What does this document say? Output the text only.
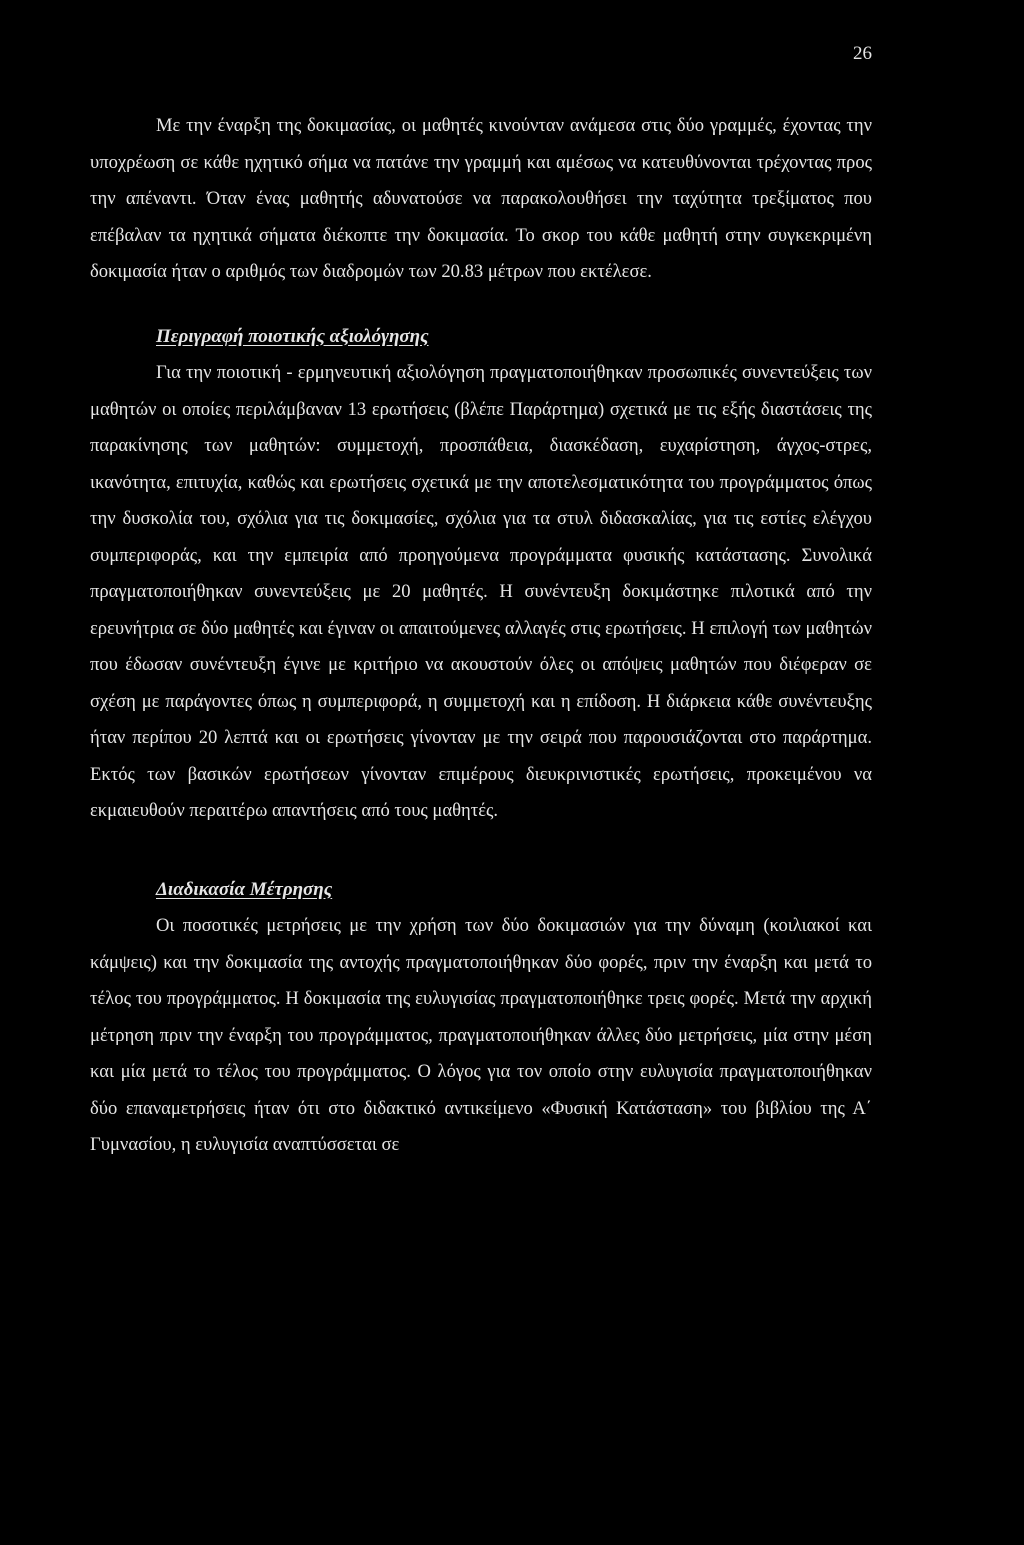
26

Με την έναρξη της δοκιμασίας, οι μαθητές κινούνταν ανάμεσα στις δύο γραμμές, έχοντας την υποχρέωση σε κάθε ηχητικό σήμα να πατάνε την γραμμή και αμέσως να κατευθύνονται τρέχοντας προς την απέναντι. Όταν ένας μαθητής αδυνατούσε να παρακολουθήσει την ταχύτητα τρεξίματος που επέβαλαν τα ηχητικά σήματα διέκοπτε την δοκιμασία. Το σκορ του κάθε μαθητή στην συγκεκριμένη δοκιμασία ήταν ο αριθμός των διαδρομών των 20.83 μέτρων που εκτέλεσε.

Περιγραφή ποιοτικής αξιολόγησης

Για την ποιοτική - ερμηνευτική αξιολόγηση πραγματοποιήθηκαν προσωπικές συνεντεύξεις των μαθητών οι οποίες περιλάμβαναν 13 ερωτήσεις (βλέπε Παράρτημα) σχετικά με τις εξής διαστάσεις της παρακίνησης των μαθητών: συμμετοχή, προσπάθεια, διασκέδαση, ευχαρίστηση, άγχος-στρες, ικανότητα, επιτυχία, καθώς και ερωτήσεις σχετικά με την αποτελεσματικότητα του προγράμματος όπως την δυσκολία του, σχόλια για τις δοκιμασίες, σχόλια για τα στυλ διδασκαλίας, για τις εστίες ελέγχου συμπεριφοράς, και την εμπειρία από προηγούμενα προγράμματα φυσικής κατάστασης. Συνολικά πραγματοποιήθηκαν συνεντεύξεις με 20 μαθητές. Η συνέντευξη δοκιμάστηκε πιλοτικά από την ερευνήτρια σε δύο μαθητές και έγιναν οι απαιτούμενες αλλαγές στις ερωτήσεις. Η επιλογή των μαθητών που έδωσαν συνέντευξη έγινε με κριτήριο να ακουστούν όλες οι απόψεις μαθητών που διέφεραν σε σχέση με παράγοντες όπως η συμπεριφορά, η συμμετοχή και η επίδοση. Η διάρκεια κάθε συνέντευξης ήταν περίπου 20 λεπτά και οι ερωτήσεις γίνονταν με την σειρά που παρουσιάζονται στο παράρτημα. Εκτός των βασικών ερωτήσεων γίνονταν επιμέρους διευκρινιστικές ερωτήσεις, προκειμένου να εκμαιευθούν περαιτέρω απαντήσεις από τους μαθητές.

Διαδικασία Μέτρησης

Οι ποσοτικές μετρήσεις με την χρήση των δύο δοκιμασιών για την δύναμη (κοιλιακοί και κάμψεις) και την δοκιμασία της αντοχής πραγματοποιήθηκαν δύο φορές, πριν την έναρξη και μετά το τέλος του προγράμματος. Η δοκιμασία της ευλυγισίας πραγματοποιήθηκε τρεις φορές. Μετά την αρχική μέτρηση πριν την έναρξη του προγράμματος, πραγματοποιήθηκαν άλλες δύο μετρήσεις, μία στην μέση και μία μετά το τέλος του προγράμματος. Ο λόγος για τον οποίο στην ευλυγισία πραγματοποιήθηκαν δύο επαναμετρήσεις ήταν ότι στο διδακτικό αντικείμενο «Φυσική Κατάσταση» του βιβλίου της Α΄ Γυμνασίου, η ευλυγισία αναπτύσσεται σε
